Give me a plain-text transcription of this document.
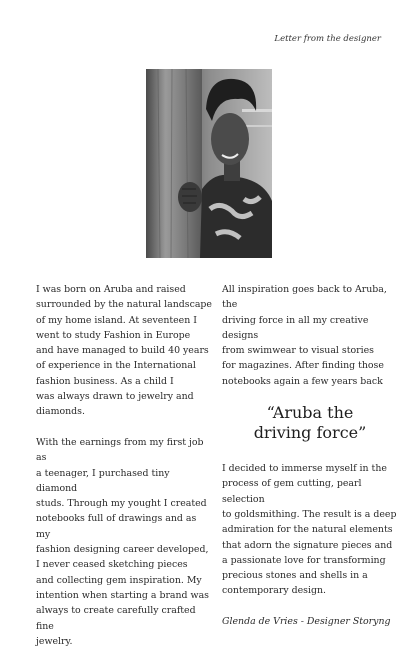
Letter from the designer

I was born on Aruba and raised
surrounded by the natural landscape
of my home island. At seventeen I
went to study Fashion in Europe
and have managed to build 40 years
of experience in the International
fashion business. As a child I
was always drawn to jewelry and
diamonds.

With the earnings from my first job as
a teenager, I purchased tiny diamond
studs. Through my yought I created
notebooks full of drawings and as my
fashion designing career developed,
I never ceased sketching pieces
and collecting gem inspiration. My
intention when starting a brand was
always to create carefully crafted fine
jewelry.

All inspiration goes back to Aruba, the
driving force in all my creative designs
from swimwear to visual stories
for magazines. After finding those
notebooks again a few years back

“Aruba the
driving force”

I decided to immerse myself in the
process of gem cutting, pearl selection
to goldsmithing. The result is a deep
admiration for the natural elements
that adorn the signature pieces and
a passionate love for transforming
precious stones and shells in a
contemporary design.

Glenda de Vries - Designer Storyng
